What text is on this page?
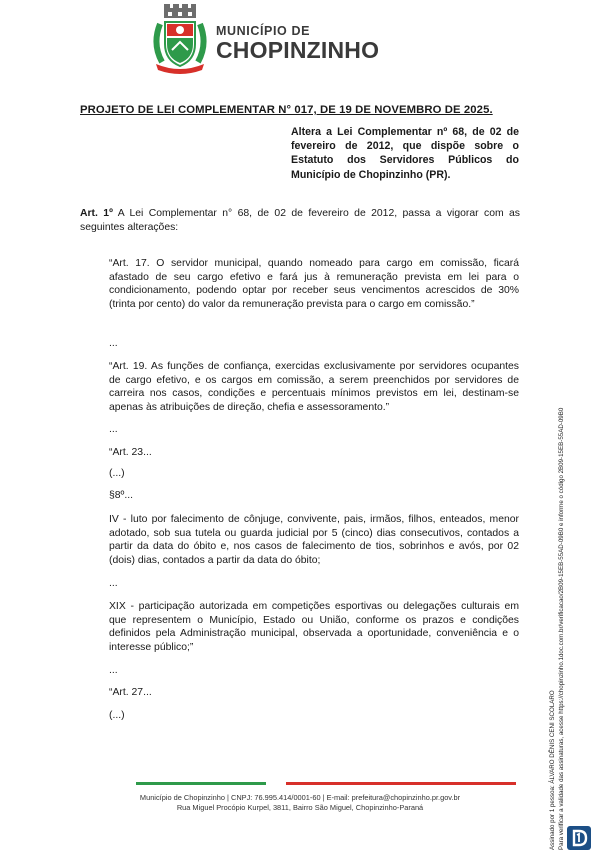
MUNICÍPIO DE
CHOPINZINHO
PROJETO DE LEI COMPLEMENTAR N° 017, DE 19 DE NOVEMBRO DE 2025.
Altera a Lei Complementar nº 68, de 02 de fevereiro de 2012, que dispõe sobre o Estatuto dos Servidores Públicos do Município de Chopinzinho (PR).
Art. 1º A Lei Complementar n° 68, de 02 de fevereiro de 2012, passa a vigorar com as seguintes alterações:
“Art. 17. O servidor municipal, quando nomeado para cargo em comissão, ficará afastado de seu cargo efetivo e fará jus à remuneração prevista em lei para o condicionamento, podendo optar por receber seus vencimentos acrescidos de 30% (trinta por cento) do valor da remuneração prevista para o cargo em comissão.”
...
“Art. 19. As funções de confiança, exercidas exclusivamente por servidores ocupantes de cargo efetivo, e os cargos em comissão, a serem preenchidos por servidores de carreira nos casos, condições e percentuais mínimos previstos em lei, destinam-se apenas às atribuições de direção, chefia e assessoramento.”
...
“Art. 23...
(...)
§8º...
IV - luto por falecimento de cônjuge, convivente, pais, irmãos, filhos, enteados, menor adotado, sob sua tutela ou guarda judicial por 5 (cinco) dias consecutivos, contados a partir da data do óbito e, nos casos de falecimento de tios, sobrinhos e avós, por 02 (dois) dias, contados a partir da data do óbito;
...
XIX - participação autorizada em competições esportivas ou delegações culturais em que representem o Município, Estado ou União, conforme os prazos e condições definidos pela Administração municipal, observada a oportunidade, conveniência e o interesse público;”
...
“Art. 27...
(...)
Município de Chopinzinho | CNPJ: 76.995.414/0001-60 | E-mail: prefeitura@chopinzinho.pr.gov.br
Rua Miguel Procópio Kurpel, 3811, Bairro São Miguel, Chopinzinho-Paraná	Assinado por 1 pessoa: ÁLVARO DÊNIS CENI SCOLARO Para verificar a validade das assinaturas, acesse https://chopinzinho.1doc.com.br/verificacao/2B09-15EB-55AD-09B0 e informe o código 2B09-15EB-55AD-09B0
